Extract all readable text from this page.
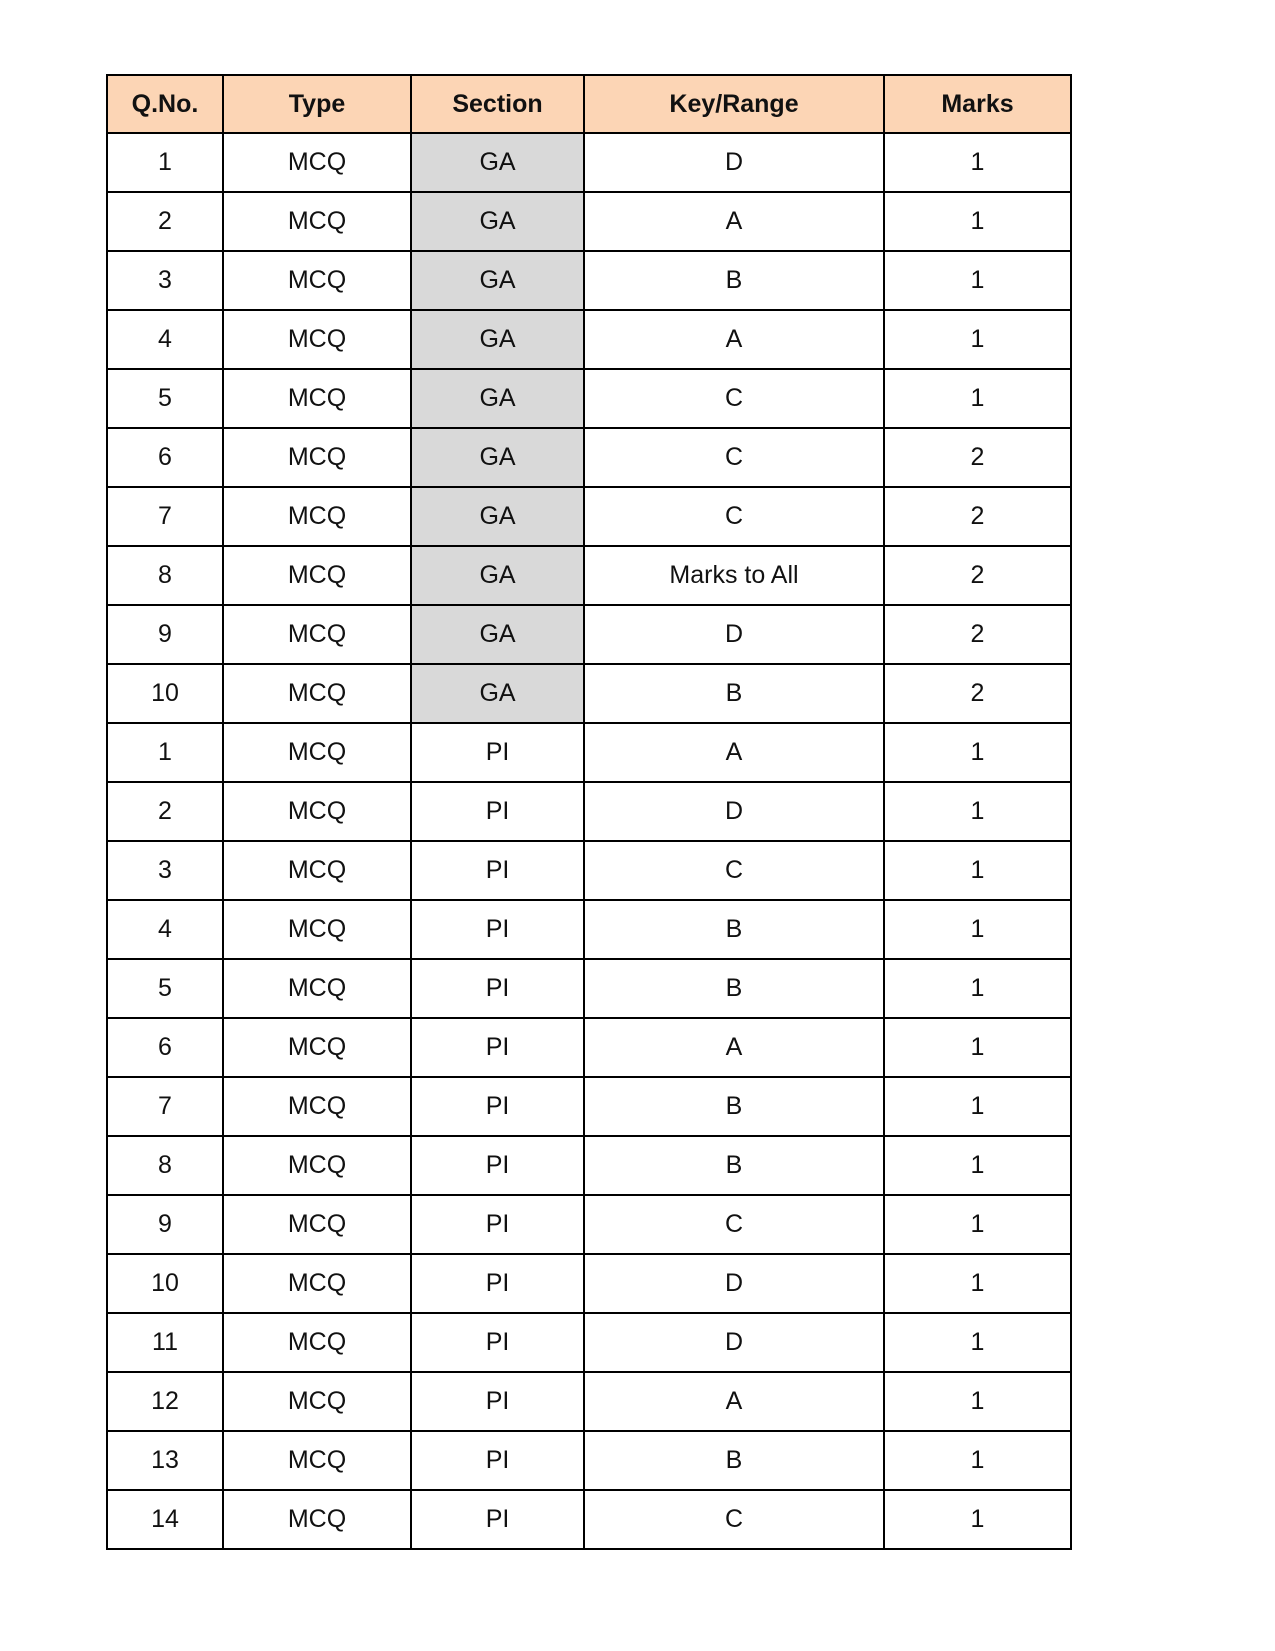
Q.No.	Type	Section	Key/Range	Marks
1	MCQ	GA	D	1
2	MCQ	GA	A	1
3	MCQ	GA	B	1
4	MCQ	GA	A	1
5	MCQ	GA	C	1
6	MCQ	GA	C	2
7	MCQ	GA	C	2
8	MCQ	GA	Marks to All	2
9	MCQ	GA	D	2
10	MCQ	GA	B	2
1	MCQ	PI	A	1
2	MCQ	PI	D	1
3	MCQ	PI	C	1
4	MCQ	PI	B	1
5	MCQ	PI	B	1
6	MCQ	PI	A	1
7	MCQ	PI	B	1
8	MCQ	PI	B	1
9	MCQ	PI	C	1
10	MCQ	PI	D	1
11	MCQ	PI	D	1
12	MCQ	PI	A	1
13	MCQ	PI	B	1
14	MCQ	PI	C	1
